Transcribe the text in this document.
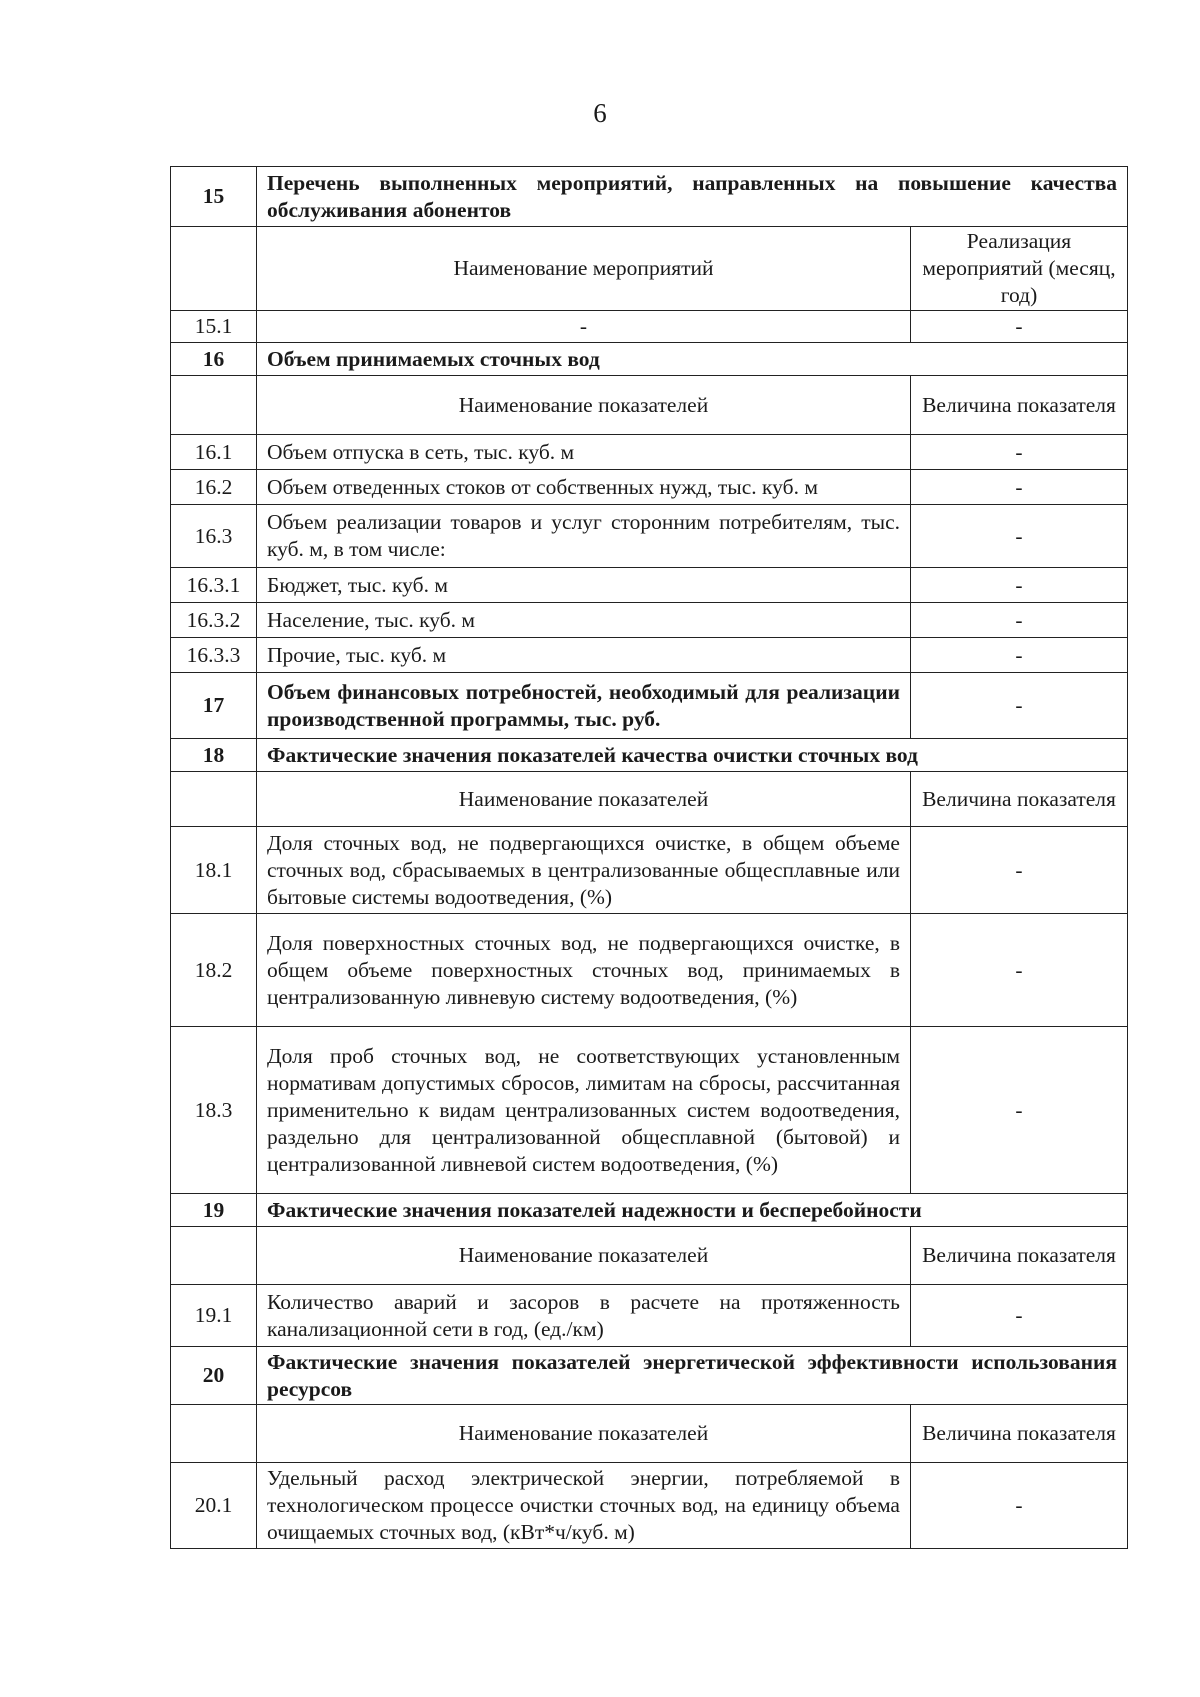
6
15	Перечень выполненных мероприятий, направленных на повышение качества обслуживания абонентов	
	Наименование мероприятий	Реализация мероприятий (месяц, год)
15.1	-	-
16	Объем принимаемых сточных вод	
	Наименование показателей	Величина показателя
16.1	Объем отпуска в сеть, тыс. куб. м	-
16.2	Объем отведенных стоков от собственных нужд, тыс. куб. м	-
16.3	Объем реализации товаров и услуг сторонним потребителям, тыс. куб. м, в том числе:	-
16.3.1	Бюджет, тыс. куб. м	-
16.3.2	Население, тыс. куб. м	-
16.3.3	Прочие, тыс. куб. м	-
17	Объем финансовых потребностей, необходимый для реализации производственной программы, тыс. руб.	-
18	Фактические значения показателей качества очистки сточных вод	
	Наименование показателей	Величина показателя
18.1	Доля сточных вод, не подвергающихся очистке, в общем объеме сточных вод, сбрасываемых в централизованные общесплавные или бытовые системы водоотведения, (%)	-
18.2	Доля поверхностных сточных вод, не подвергающихся очистке, в общем объеме поверхностных сточных вод, принимаемых в централизованную ливневую систему водоотведения, (%)	-
18.3	Доля проб сточных вод, не соответствующих установленным нормативам допустимых сбросов, лимитам на сбросы, рассчитанная применительно к видам централизованных систем водоотведения, раздельно для централизованной общесплавной (бытовой) и централизованной ливневой систем водоотведения, (%)	-
19	Фактические значения показателей надежности и бесперебойности	
	Наименование показателей	Величина показателя
19.1	Количество аварий и засоров в расчете на протяженность канализационной сети в год, (ед./км)	-
20	Фактические значения показателей энергетической эффективности использования ресурсов	
	Наименование показателей	Величина показателя
20.1	Удельный расход электрической энергии, потребляемой в технологическом процессе очистки сточных вод, на единицу объема очищаемых сточных вод, (кВт*ч/куб. м)	-
